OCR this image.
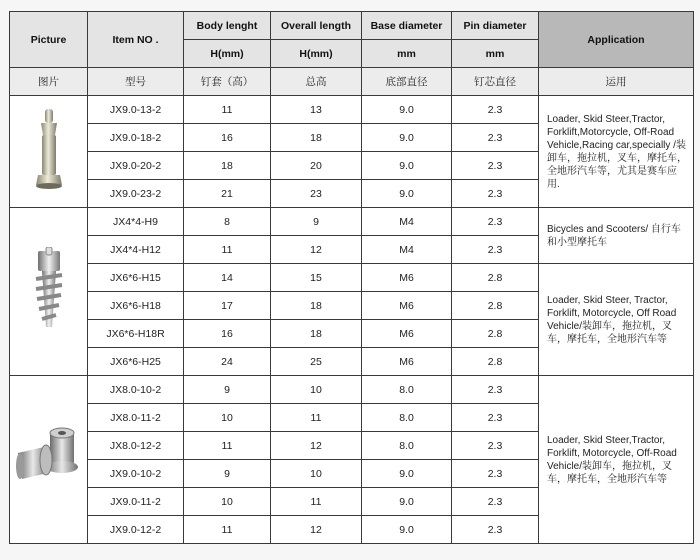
Picture	Item NO .	Body lenght	Overall length	Base diameter	Pin diameter	Application
		H(mm)	H(mm)	mm	mm	
图片	型号	钉套（高）	总高	底部直径	钉芯直径	运用
	JX9.0-13-2	11	13	9.0	2.3	Loader, Skid Steer,Tractor, Forklift,Motorcycle, Off-Road Vehicle,Racing car,specially /装卸车，拖拉机，叉车，摩托车，全地形汽车等，尤其是赛车应用.

	JX9.0-18-2	16	18	9.0	2.3	
	JX9.0-20-2	18	20	9.0	2.3	
	JX9.0-23-2	21	23	9.0	2.3	
	JX4*4-H9	8	9	M4	2.3	Bicycles and Scooters/ 自行车和小型摩托车

	JX4*4-H12	11	12	M4	2.3	
	JX6*6-H15	14	15	M6	2.8	Loader, Skid Steer, Tractor, Forklift, Motorcycle, Off Road Vehicle/装卸车，拖拉机，叉车，摩托车，全地形汽车等

	JX6*6-H18	17	18	M6	2.8	
	JX6*6-H18R	16	18	M6	2.8	
	JX6*6-H25	24	25	M6	2.8	
	JX8.0-10-2	9	10	8.0	2.3	Loader, Skid Steer,Tractor, Forklift, Motorcycle, Off-Road Vehicle/装卸车，拖拉机，叉车，摩托车，全地形汽车等

	JX8.0-11-2	10	11	8.0	2.3	
	JX8.0-12-2	11	12	8.0	2.3	
	JX9.0-10-2	9	10	9.0	2.3	
	JX9.0-11-2	10	11	9.0	2.3	
	JX9.0-12-2	11	12	9.0	2.3	
